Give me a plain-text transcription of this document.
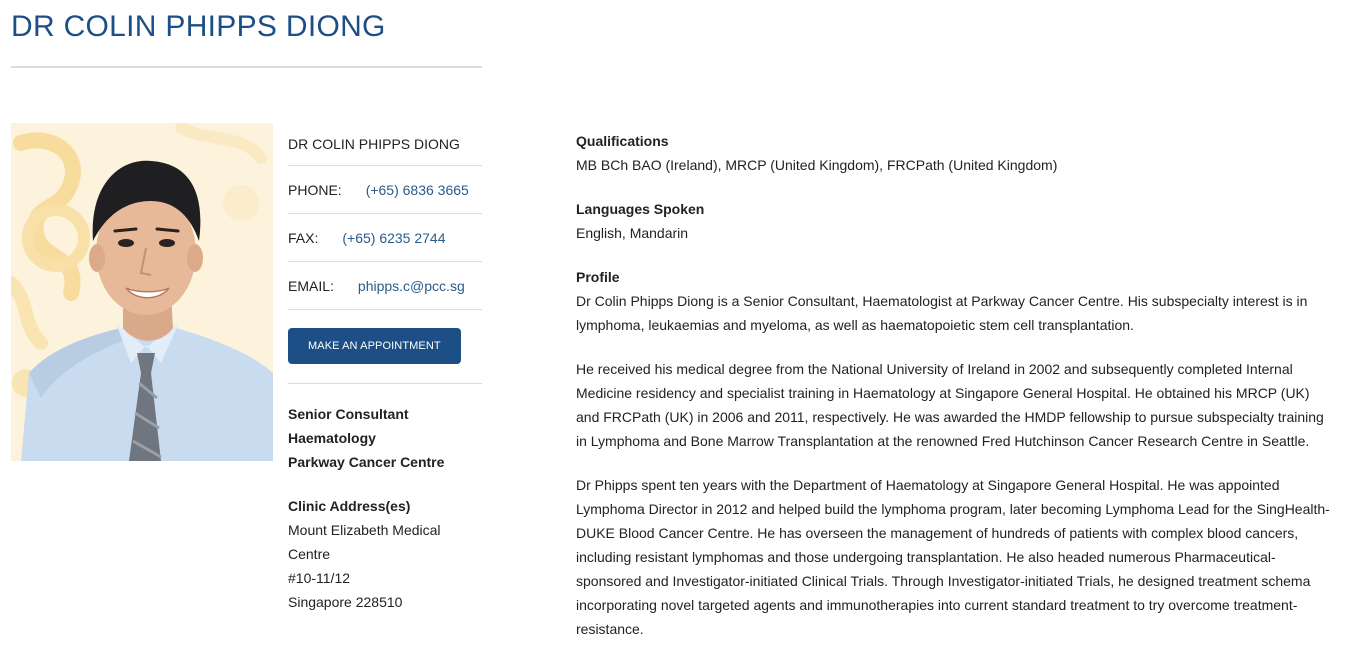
DR COLIN PHIPPS DIONG
DR COLIN PHIPPS DIONG
PHONE: (+65) 6836 3665
FAX: (+65) 6235 2744
EMAIL: phipps.c@pcc.sg
MAKE AN APPOINTMENT
Senior Consultant
Haematology
Parkway Cancer Centre
Clinic Address(es)
Mount Elizabeth Medical Centre
#10-11/12
Singapore 228510
Qualifications
MB BCh BAO (Ireland), MRCP (United Kingdom), FRCPath (United Kingdom)
Languages Spoken
English, Mandarin
Profile

Dr Colin Phipps Diong is a Senior Consultant, Haematologist at Parkway Cancer Centre. His subspecialty interest is in lymphoma, leukaemias and myeloma, as well as haematopoietic stem cell transplantation.

He received his medical degree from the National University of Ireland in 2002 and subsequently completed Internal Medicine residency and specialist training in Haematology at Singapore General Hospital. He obtained his MRCP (UK) and FRCPath (UK) in 2006 and 2011, respectively. He was awarded the HMDP fellowship to pursue subspecialty training in Lymphoma and Bone Marrow Transplantation at the renowned Fred Hutchinson Cancer Research Centre in Seattle.

Dr Phipps spent ten years with the Department of Haematology at Singapore General Hospital. He was appointed Lymphoma Director in 2012 and helped build the lymphoma program, later becoming Lymphoma Lead for the SingHealth-DUKE Blood Cancer Centre. He has overseen the management of hundreds of patients with complex blood cancers, including resistant lymphomas and those undergoing transplantation. He also headed numerous Pharmaceutical-sponsored and Investigator-initiated Clinical Trials. Through Investigator-initiated Trials, he designed treatment schema incorporating novel targeted agents and immunotherapies into current standard treatment to try overcome treatment-resistance.
